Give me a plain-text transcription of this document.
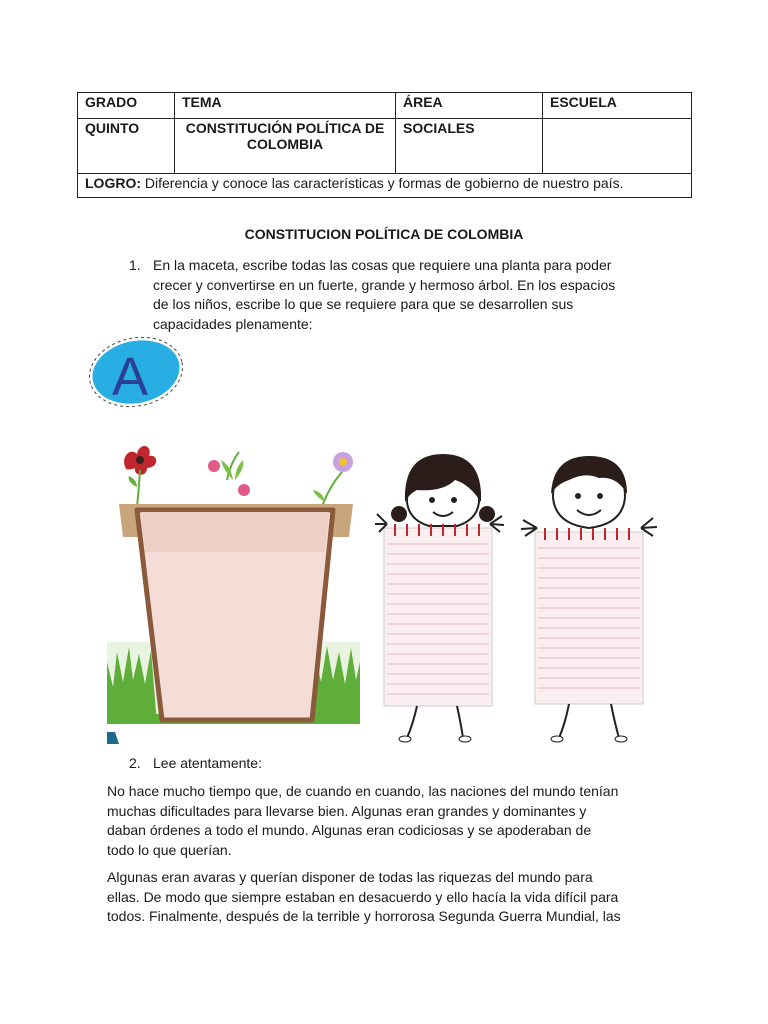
GRADO	TEMA	ÁREA	ESCUELA
QUINTO	CONSTITUCIÓN POLÍTICA DE COLOMBIA	SOCIALES	
LOGRO: Diferencia y conoce las características y formas de gobierno de nuestro país.			
CONSTITUCION POLÍTICA DE COLOMBIA
1. En la maceta, escribe todas las cosas que requiere una planta para poder
crecer y convertirse en un fuerte, grande y hermoso árbol. En los espacios
de los niños, escribe lo que se requiere para que se desarrollen sus
capacidades plenamente:
A
2. Lee atentamente:
No hace mucho tiempo que, de cuando en cuando, las naciones del mundo tenían
muchas dificultades para llevarse bien. Algunas eran grandes y dominantes y
daban órdenes a todo el mundo. Algunas eran codiciosas y se apoderaban de
todo lo que querían.
Algunas eran avaras y querían disponer de todas las riquezas del mundo para
ellas. De modo que siempre estaban en desacuerdo y ello hacía la vida difícil para
todos. Finalmente, después de la terrible y horrorosa Segunda Guerra Mundial, las
